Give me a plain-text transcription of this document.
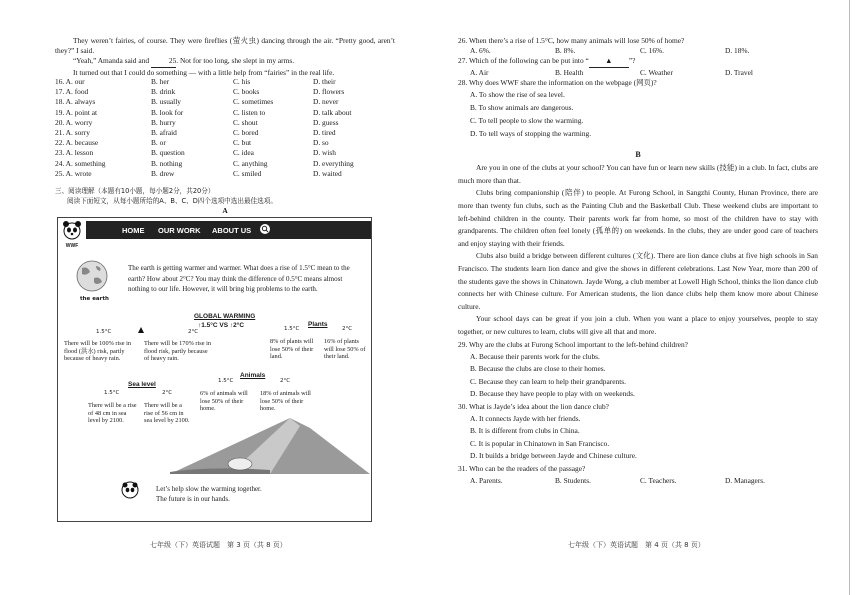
They weren’t fairies, of course. They were fireflies (萤火虫) dancing through the air. “Pretty good, aren’t they?” I said.

“Yeah,” Amanda said and	25. Not for too long, she slept in my arms.

It turned out that I could do something — with a little help from “fairies” in the real life.

16. A. our	B. her	C. his	D. their
17. A. food	B. drink	C. books	D. flowers
18. A. always	B. usually	C. sometimes	D. never
19. A. point at	B. look for	C. listen to	D. talk about
20. A. worry	B. hurry	C. shout	D. guess
21. A. sorry	B. afraid	C. bored	D. tired
22. A. because	B. or	C. but	D. so
23. A. lesson	B. question	C. idea	D. wish
24. A. something	B. nothing	C. anything	D. everything
25. A. wrote	B. drew	C. smiled	D. waited

三、阅读理解（本题有10小题，每小题2分，共20分）

阅读下面短文，从每小题所给的A、B、C、D四个选项中选出最佳选项。

A

WWF
HOME OUR WORK ABOUT US
the earth
The earth is getting warmer and warmer. What does a rise of 1.5°C mean to the earth? How about 2°C? You may think the difference of 0.5°C means almost nothing to our life. However, it will bring big problems to the earth.
GLOBAL WARMING
↑1.5°C VS ↑2°C
1.5°C	2°C
There will be 100% rise in flood (洪水) risk, partly because of heavy rain.
There will be 170% rise in flood risk, partly because of heavy rain.
1.5°C
Plants
2°C
8% of plants will lose 50% of their land.
16% of plants will lose 50% of their land.
Sea level
1.5°C	2°C
There will be a rise of 48 cm in sea level by 2100.
There will be a rise of 56 cm in sea level by 2100.
Animals
1.5°C	2°C
6% of animals will lose 50% of their home.
18% of animals will lose 50% of their home.
Let’s help slow the warming together.
The future is in our hands.

26. When there’s a rise of 1.5°C, how many animals will lose 50% of home?

A. 6%.	B. 8%.	C. 16%.	D. 18%.

27. Which of the following can be put into “ ▲ ”?

A. Air	B. Health	C. Weather	D. Travel

28. Why does WWF share the information on the webpage (网页)?

A. To show the rise of sea level.
B. To show animals are dangerous.
C. To tell people to slow the warming.
D. To tell ways of stopping the warming.
B

Are you in one of the clubs at your school? You can have fun or learn new skills (技能) in a club. In fact, clubs are much more than that.

Clubs bring companionship (陪伴) to people. At Furong School, in Sangzhi County, Hunan Province, there are more than twenty fun clubs, such as the Painting Club and the Basketball Club. These weekend clubs are important to left-behind children in the county. Their parents work far from home, so most of the children have to stay with grandparents. The children often feel lonely (孤单的) on weekends. In the clubs, they are under good care of teachers and enjoy staying with their friends.

Clubs also build a bridge between different cultures (文化). There are lion dance clubs at five high schools in San Francisco. The students learn lion dance and give the shows in different celebrations. Last New Year, more than 200 of the students gave the shows in Chinatown. Jayde Wong, a club member at Lowell High School, thinks the lion dance club connects her with Chinese culture. For American students, the lion dance clubs help them know more about Chinese culture.

Your school days can be great if you join a club. When you want a place to enjoy yourselves, people to stay together, or new cultures to learn, clubs will give all that and more.

29. Why are the clubs at Furong School important to the left-behind children?

A. Because their parents work for the clubs.
B. Because the clubs are close to their homes.
C. Because they can learn to help their grandparents.
D. Because they have people to play with on weekends.

30. What is Jayde’s idea about the lion dance club?

A. It connects Jayde with her friends.
B. It is different from clubs in China.
C. It is popular in Chinatown in San Francisco.
D. It builds a bridge between Jayde and Chinese culture.

31. Who can be the readers of the passage?

A. Parents.	B. Students.	C. Teachers.	D. Managers.
七年级（下）英语试题　第 3 页（共 8 页）	七年级（下）英语试题　第 4 页（共 8 页）
